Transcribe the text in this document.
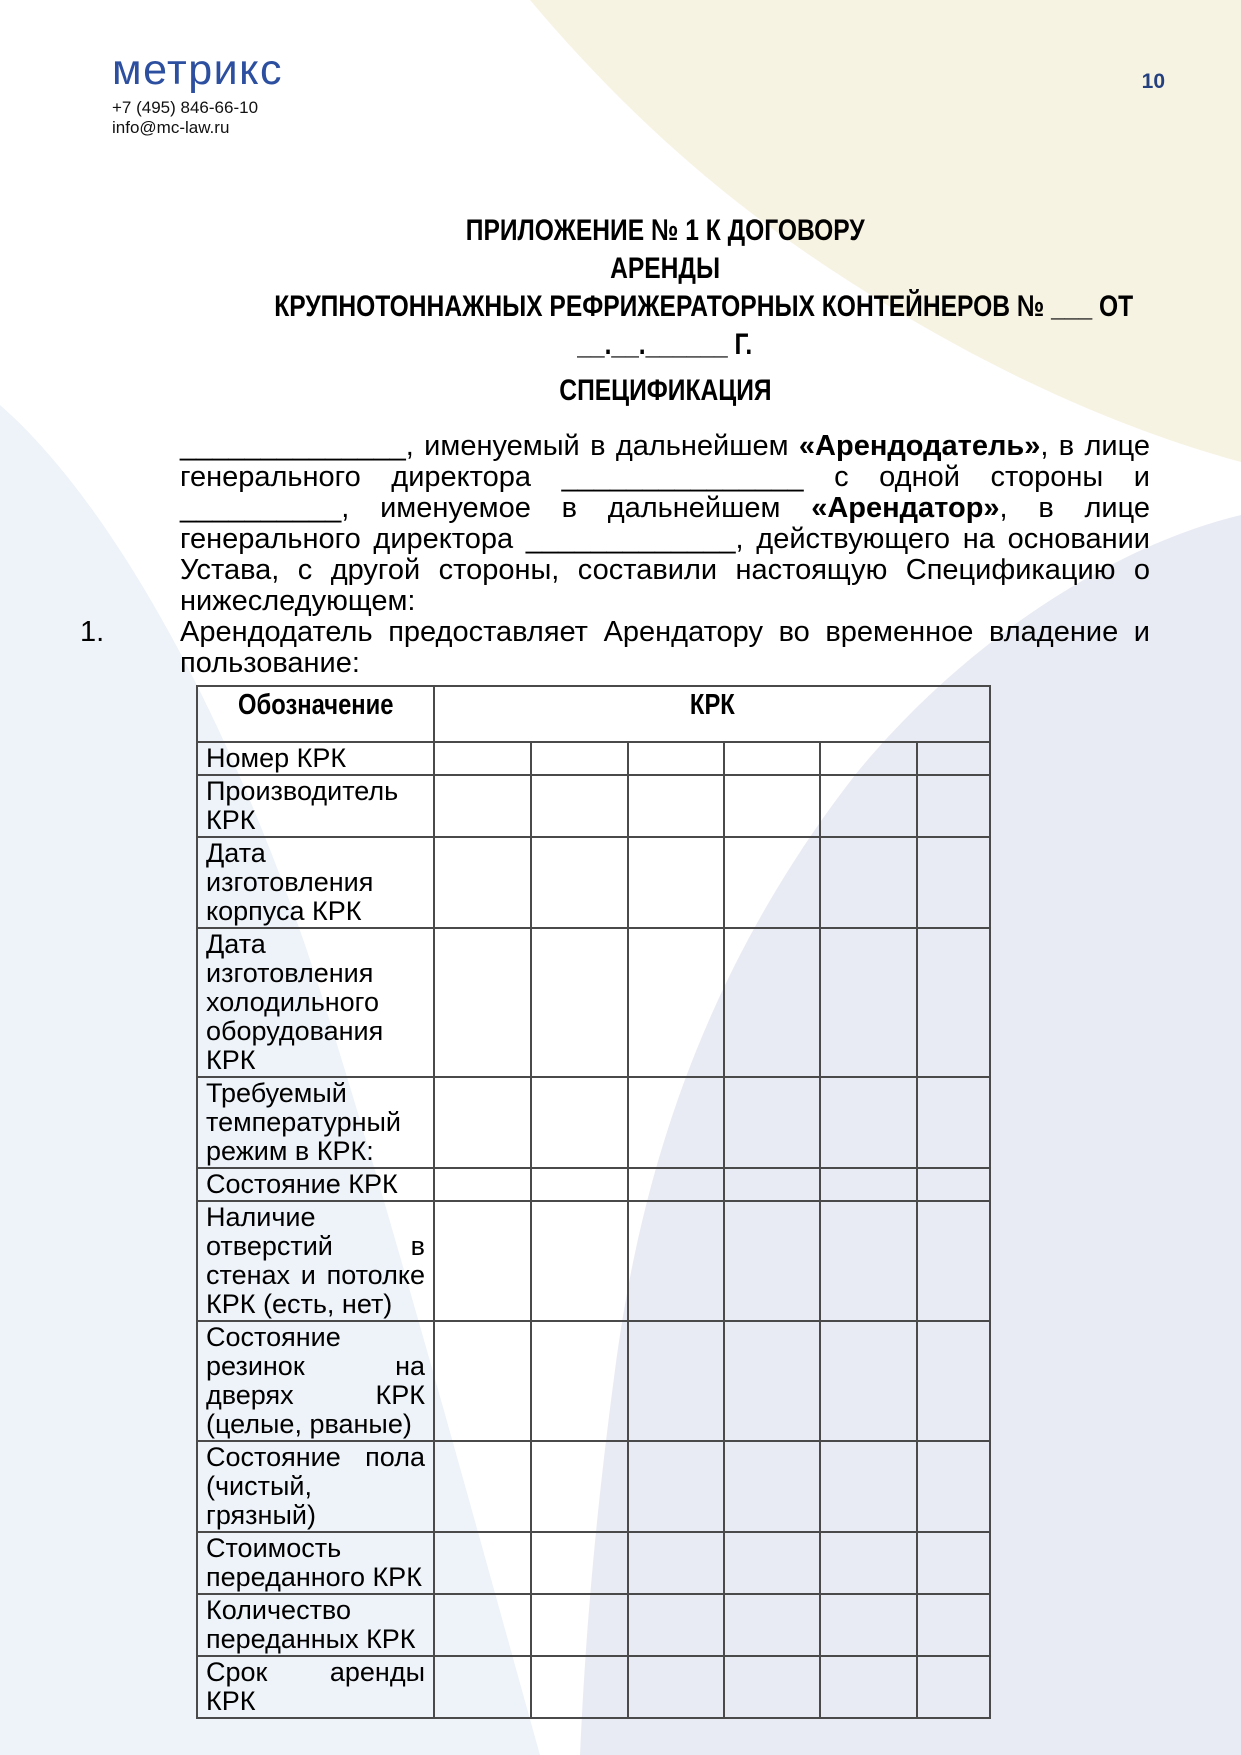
метрикс
+7 (495) 846-66-10
info@mc-law.ru
10
ПРИЛОЖЕНИЕ № 1 К ДОГОВОРУ
АРЕНДЫ
КРУПНОТОННАЖНЫХ РЕФРИЖЕРАТОРНЫХ КОНТЕЙНЕРОВ № ___ ОТ
__.__.______ Г.
СПЕЦИФИКАЦИЯ

______________, именуемый в дальнейшем «Арендодатель», в лице генерального директора _______________ с одной стороны и __________, именуемое в дальнейшем «Арендатор», в лице генерального директора _____________, действующего на основании Устава, с другой стороны, составили настоящую Спецификацию о нижеследующем:

1.	Арендодатель предоставляет Арендатору во временное владение и пользование:
Обозначение	КРК					
Номер КРК						
Производитель КРК						
Дата изготовления корпуса КРК						
Дата изготовления холодильного оборудования КРК						
Требуемый температурный режим в КРК:						
Состояние КРК						
Наличие отверстий в стенах и потолке КРК (есть, нет)						
Состояние резинок на дверях КРК (целые, рваные)						
Состояние пола (чистый, грязный)						
Стоимость переданного КРК						
Количество переданных КРК						
Срок аренды КРК						
